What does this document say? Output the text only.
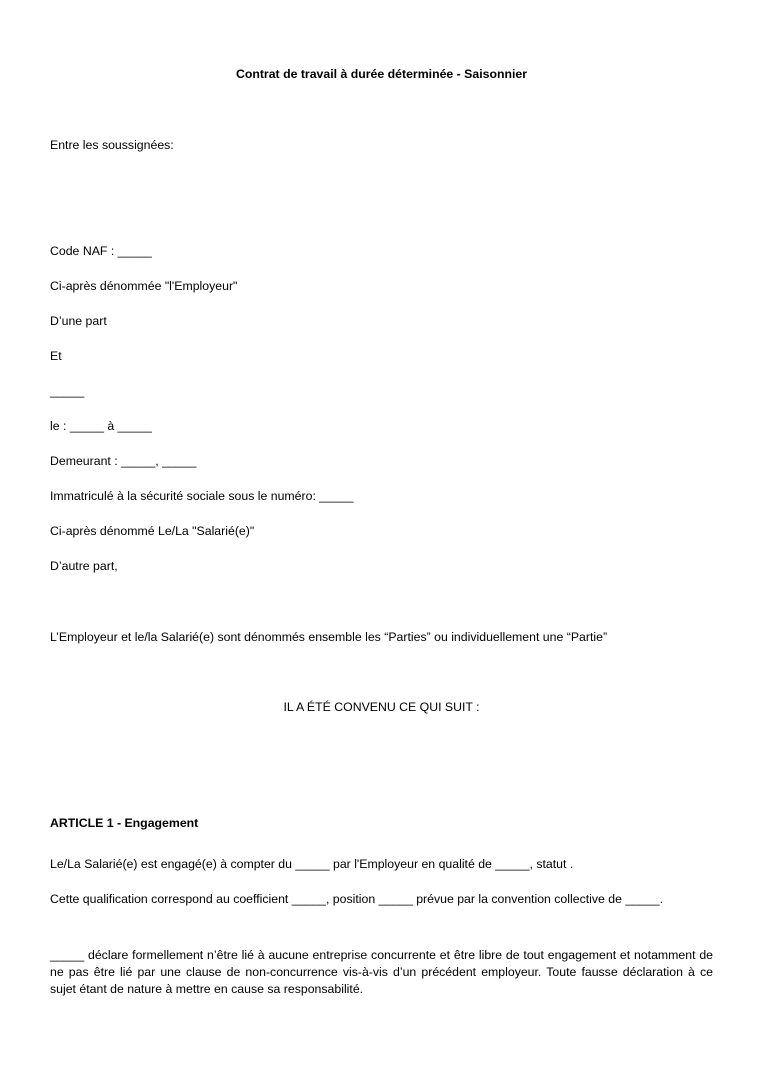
Contrat de travail à durée déterminée - Saisonnier

Entre les soussignées:

Code NAF : _____

Ci-après dénommée "l'Employeur"

D’une part

Et

_____

le : _____ à _____

Demeurant : _____, _____

Immatriculé à la sécurité sociale sous le numéro: _____

Ci-après dénommé Le/La "Salarié(e)"

D’autre part,

L’Employeur et le/la Salarié(e) sont dénommés ensemble les “Parties” ou individuellement une “Partie”

IL A ÉTÉ CONVENU CE QUI SUIT :

ARTICLE 1 - Engagement

Le/La Salarié(e) est engagé(e) à compter du _____ par l'Employeur en qualité de _____, statut .

Cette qualification correspond au coefficient _____, position _____ prévue par la convention collective de _____.

_____ déclare formellement n’être lié à aucune entreprise concurrente et être libre de tout engagement et notamment de ne pas être lié par une clause de non-concurrence vis-à-vis d’un précédent employeur. Toute fausse déclaration à ce sujet étant de nature à mettre en cause sa responsabilité.
